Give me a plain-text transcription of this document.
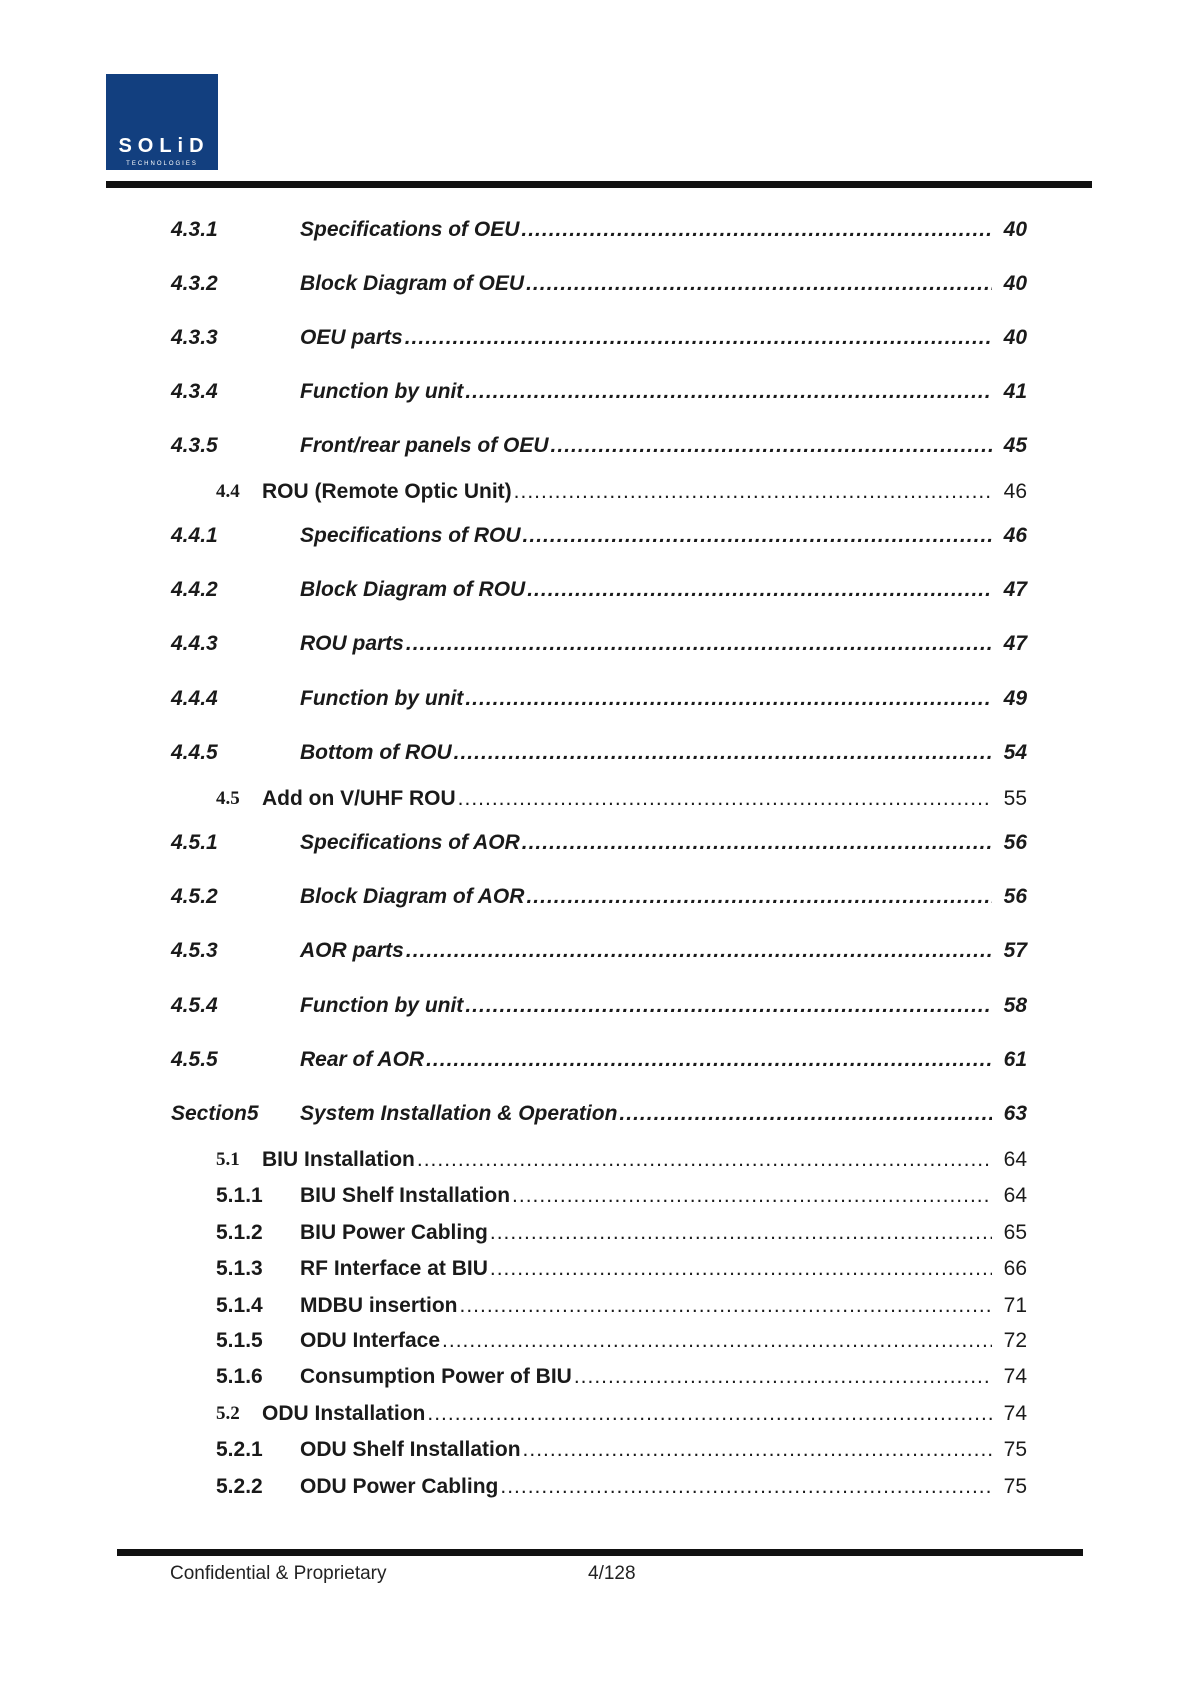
SOLiD
TECHNOLOGIES
4.3.1	Specifications of OEU .....	40
4.3.2	Block Diagram of OEU .....	40
4.3.3	OEU parts .....	40
4.3.4	Function by unit .....	41
4.3.5	Front/rear panels of OEU .....	45
4.4 ROU (Remote Optic Unit) .....	46
4.4.1	Specifications of ROU .....	46
4.4.2	Block Diagram of ROU .....	47
4.4.3	ROU parts .....	47
4.4.4	Function by unit .....	49
4.4.5	Bottom of ROU .....	54
4.5 Add on V/UHF ROU .....	55
4.5.1	Specifications of AOR .....	56
4.5.2	Block Diagram of AOR .....	56
4.5.3	AOR parts .....	57
4.5.4	Function by unit .....	58
4.5.5	Rear of AOR .....	61
Section5 System Installation & Operation .....	63
5.1 BIU Installation .....	64
5.1.1 BIU Shelf Installation .....	64
5.1.2 BIU Power Cabling .....	65
5.1.3 RF Interface at BIU .....	66
5.1.4 MDBU insertion .....	71
5.1.5 ODU Interface .....	72
5.1.6 Consumption Power of BIU .....	74
5.2 ODU Installation .....	74
5.2.1 ODU Shelf Installation .....	75
5.2.2 ODU Power Cabling .....	75
Confidential & Proprietary	4/128
